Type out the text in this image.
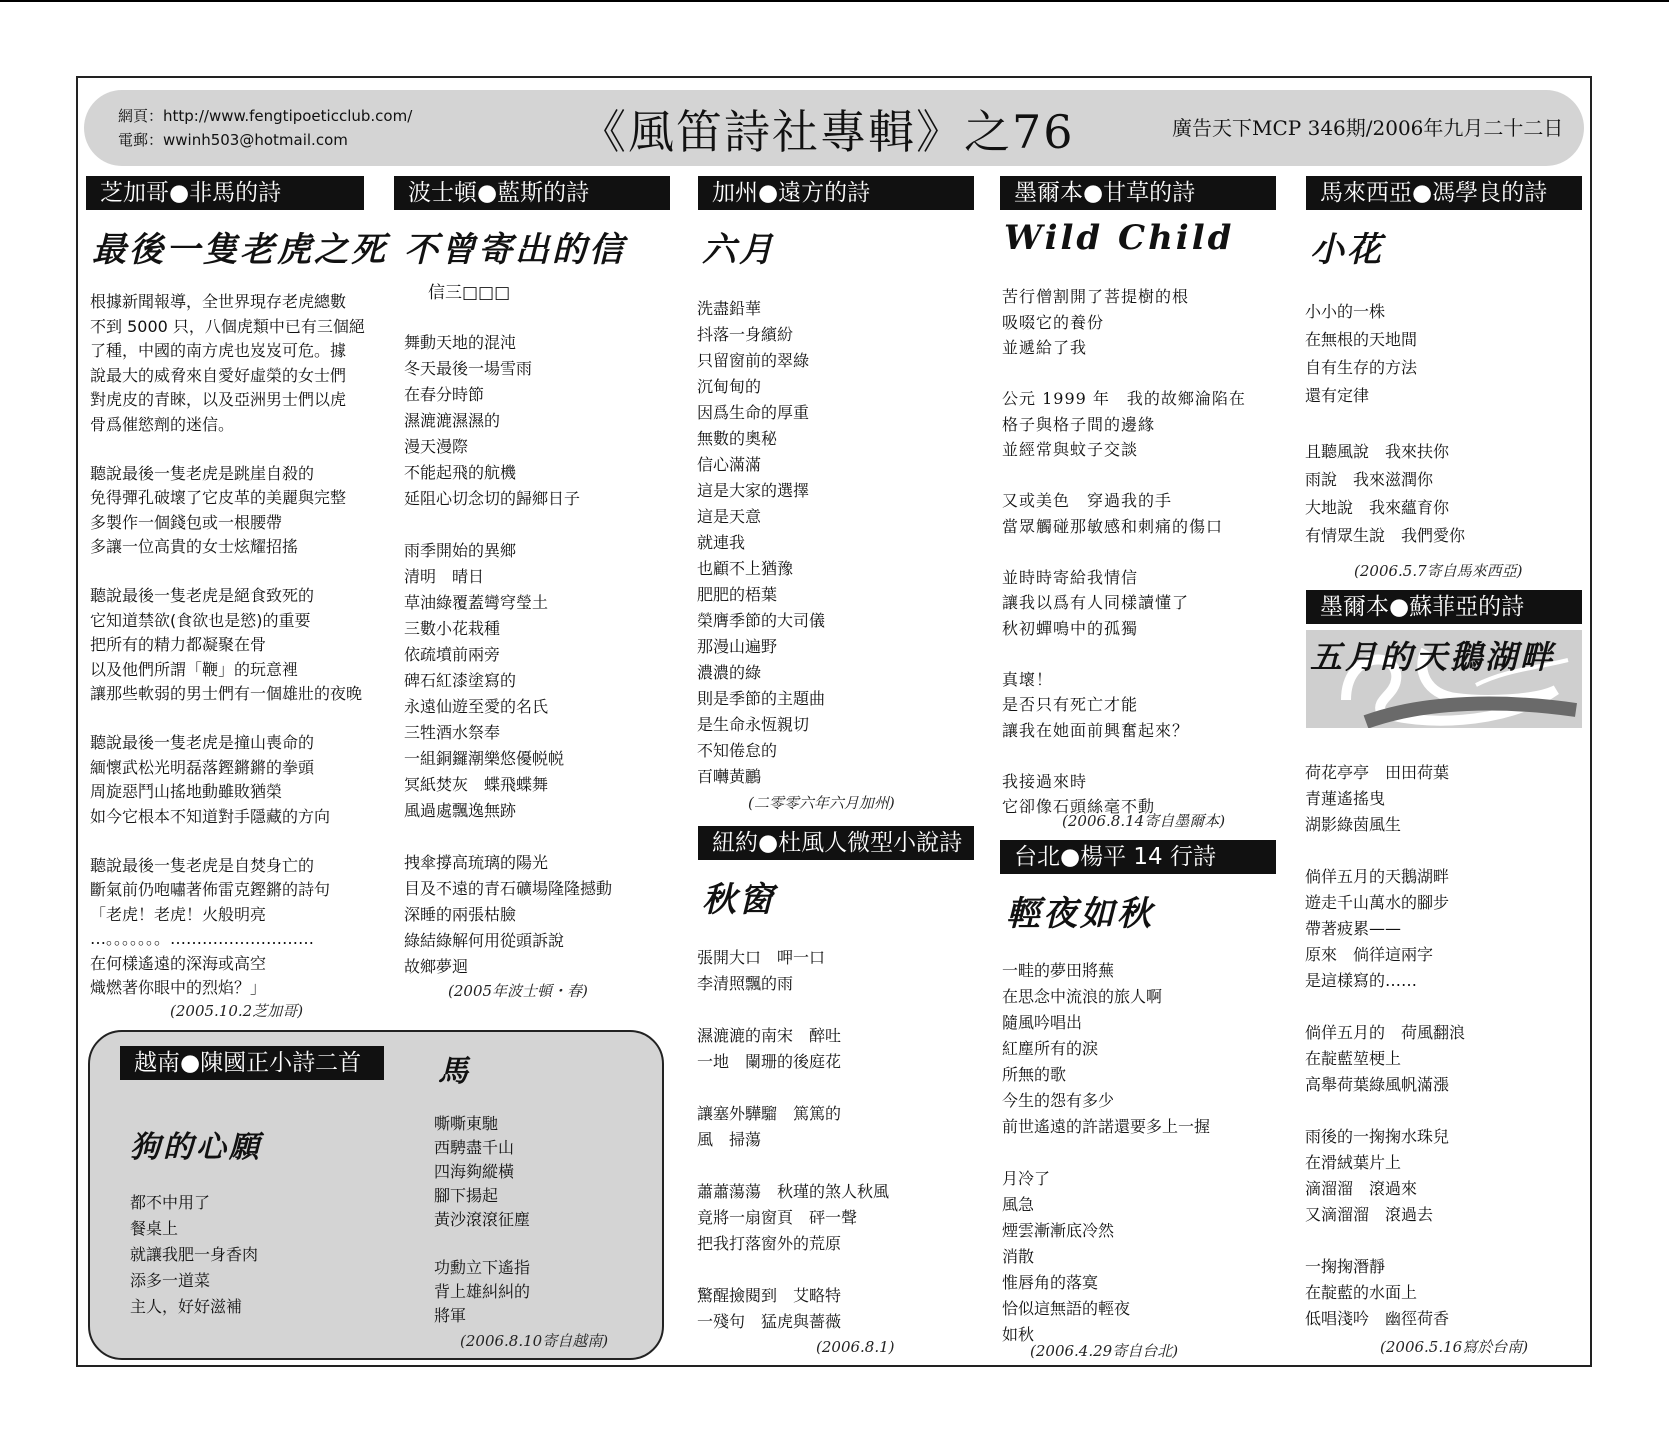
網頁：http://www.fengtipoeticclub.com/
電郵：wwinh503@hotmail.com	《風笛詩社專輯》之76	廣告天下MCP 346期/2006年九月二十二日
芝加哥●非馬的詩
最後一隻老虎之死
根據新聞報導，全世界現存老虎總數
不到 5000 只，八個虎類中已有三個絕
了種，中國的南方虎也岌岌可危。據
說最大的威脅來自愛好虛榮的女士們
對虎皮的青睞，以及亞洲男士們以虎
骨爲催慾劑的迷信。

聽說最後一隻老虎是跳崖自殺的
免得彈孔破壞了它皮革的美麗與完整
多製作一個錢包或一根腰帶
多讓一位高貴的女士炫耀招搖

聽說最後一隻老虎是絕食致死的
它知道禁欲(食欲也是慾)的重要
把所有的精力都凝聚在骨
以及他們所謂「鞭」的玩意裡
讓那些軟弱的男士們有一個雄壯的夜晚

聽說最後一隻老虎是撞山喪命的
緬懷武松光明磊落鏗鏘鏘的拳頭
周旋惡鬥山搖地動雖敗猶榮
如今它根本不知道對手隱藏的方向

聽說最後一隻老虎是自焚身亡的
斷氣前仍咆嘯著佈雷克鏗鏘的詩句
「老虎！老虎！火般明亮
…。。。。。。。………………………
在何樣遙遠的深海或高空
熾燃著你眼中的烈焰？」
(2005.10.2芝加哥)
波士頓●藍斯的詩
不曾寄出的信
信三□□□
舞動天地的混沌
冬天最後一場雪雨
在春分時節
濕漉漉濕濕的
漫天漫際
不能起飛的航機
延阻心切念切的歸鄉日子

雨季開始的異鄉
清明　晴日
草油綠覆蓋彎穹瑩土
三數小花栽種
依疏墳前兩旁
碑石紅漆塗寫的
永遠仙遊至愛的名氏
三牲酒水祭奉
一組銅鑼潮樂悠優帨帨
冥紙焚灰　蝶飛蝶舞
風過處飄逸無跡

拽傘撐高琉璃的陽光
目及不遠的青石礦場隆隆撼動
深睡的兩張枯臉
綠結綠解何用從頭訴說
故鄉夢迴
(2005年波士頓・春)
加州●遠方的詩
六月
洗盡鉛華
抖落一身繽紛
只留窗前的翠綠
沉甸甸的
因爲生命的厚重
無數的奧秘
信心滿滿
這是大家的選擇
這是天意
就連我
也顧不上猶豫
肥肥的梧葉
榮膺季節的大司儀
那漫山遍野
濃濃的綠
則是季節的主題曲
是生命永恆親切
不知倦怠的
百囀黃鸝
(二零零六年六月加州)
紐約●杜風人微型小說詩
秋窗
張開大口　呷一口
李清照飄的雨

濕漉漉的南宋　醉吐
一地　闌珊的後庭花

讓塞外驊騮　篤篤的
風　掃蕩

蕭蕭蕩蕩　秋瑾的煞人秋風
竟將一扇窗頁　砰一聲
把我打落窗外的荒原

驚醒撿閱到　艾略特
一殘句　猛虎與薔薇
(2006.8.1)
墨爾本●甘草的詩
Wild Child
苦行僧割開了菩提樹的根
吸啜它的養份
並遞給了我

公元 1999 年　我的故鄉淪陷在
格子與格子間的邊緣
並經常與蚊子交談

又或美色　穿過我的手
當眾觸碰那敏感和刺痛的傷口

並時時寄給我情信
讓我以爲有人同樣讀懂了
秋初蟬鳴中的孤獨

真壞！
是否只有死亡才能
讓我在她面前興奮起來？

我接過來時
它卻像石頭絲毫不動
(2006.8.14寄自墨爾本)
台北●楊平 14 行詩
輕夜如秋
一畦的夢田將蕪
在思念中流浪的旅人啊
隨風吟唱出
紅塵所有的淚
所無的歌
今生的怨有多少
前世遙遠的許諾還要多上一握

月冷了
風急
煙雲漸漸底冷然
消散
惟唇角的落寞
恰似這無語的輕夜
如秋
(2006.4.29寄自台北)
馬來西亞●馮學良的詩
小花
小小的一株
在無根的天地間
自有生存的方法
還有定律

且聽風說　我來扶你
雨說　我來滋潤你
大地說　我來蘊育你
有情眾生說　我們愛你
(2006.5.7寄自馬來西亞)
墨爾本●蘇菲亞的詩
五月的天鵝湖畔
荷花亭亭　田田荷葉
青蓮遙搖曳
湖影綠茵風生

倘佯五月的天鵝湖畔
遊走千山萬水的腳步
帶著疲累——
原來　倘徉這兩字
是這樣寫的……

倘佯五月的　荷風翻浪
在靛藍堃梗上
高舉荷葉綠風帆滿漲

雨後的一掬掬水珠兒
在滑絨葉片上
滴溜溜　滾過來
又滴溜溜　滾過去

一掬掬潛靜
在靛藍的水面上
低唱淺吟　幽徑荷香
(2006.5.16寫於台南)
越南●陳國正小詩二首
狗的心願
都不中用了
餐桌上
就讓我肥一身香肉
添多一道菜
主人，好好滋補
馬
嘶嘶東馳
西騁盡千山
四海夠縱橫
腳下揚起
黃沙滾滾征塵

功勳立下遙指
背上雄糾糾的
將軍
(2006.8.10寄自越南)
